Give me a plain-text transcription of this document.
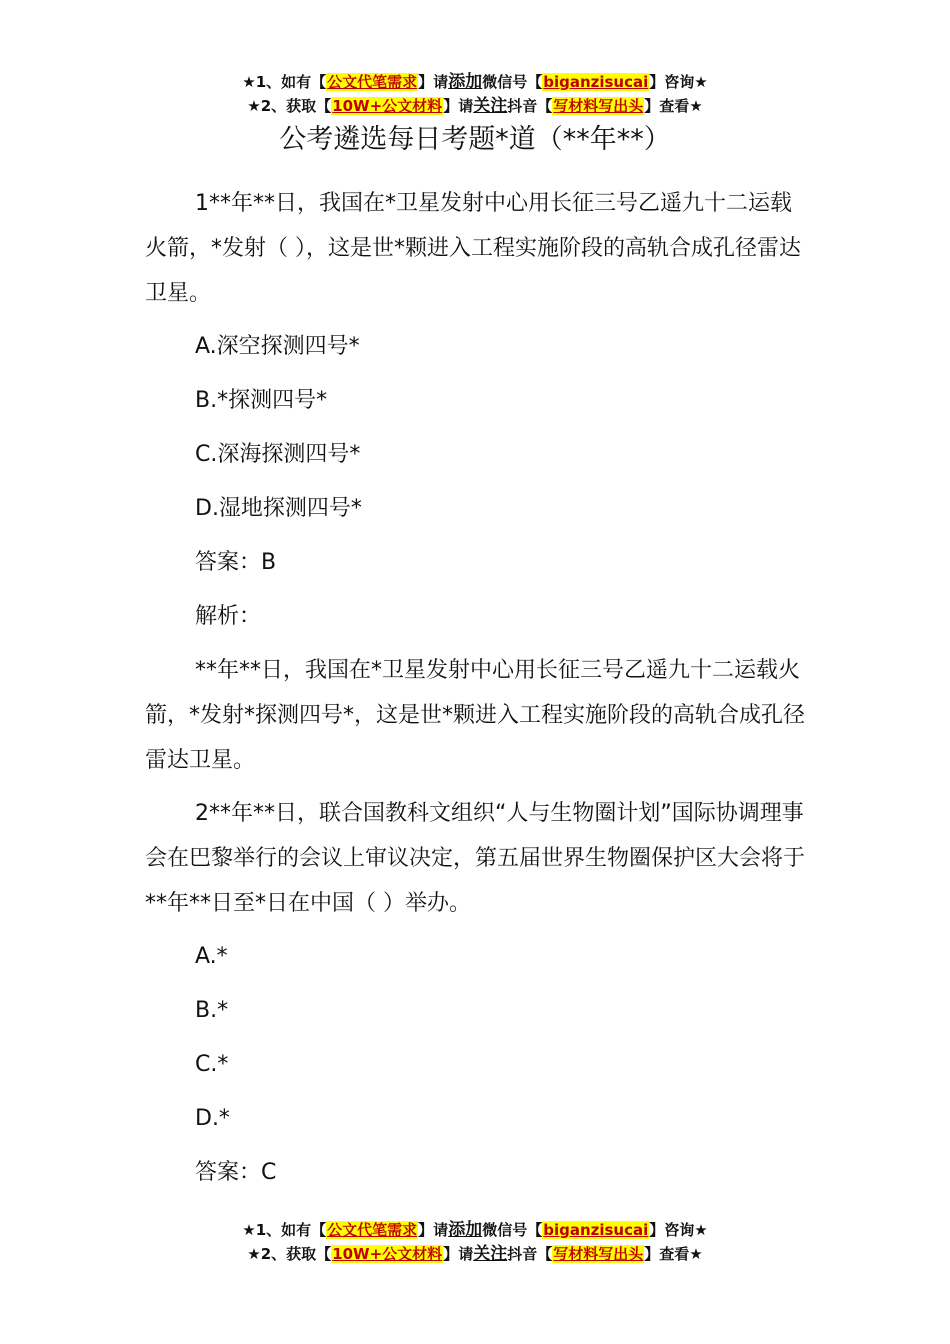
★1、如有【公文代笔需求】请添加微信号【biganzisucai】咨询★
★2、获取【10W+公文材料】请关注抖音【写材料写出头】查看★
公考遴选每日考题*道（**年**）

1**年**日，我国在*卫星发射中心用长征三号乙遥九十二运载火箭，*发射（ ），这是世*颗进入工程实施阶段的高轨合成孔径雷达卫星。

A.深空探测四号*

B.*探测四号*

C.深海探测四号*

D.湿地探测四号*

答案：B

解析：

**年**日，我国在*卫星发射中心用长征三号乙遥九十二运载火箭，*发射*探测四号*，这是世*颗进入工程实施阶段的高轨合成孔径雷达卫星。

2**年**日，联合国教科文组织“人与生物圈计划”国际协调理事会在巴黎举行的会议上审议决定，第五届世界生物圈保护区大会将于**年**日至*日在中国（ ）举办。

A.*

B.*

C.*

D.*

答案：C

★1、如有【公文代笔需求】请添加微信号【biganzisucai】咨询★
★2、获取【10W+公文材料】请关注抖音【写材料写出头】查看★
